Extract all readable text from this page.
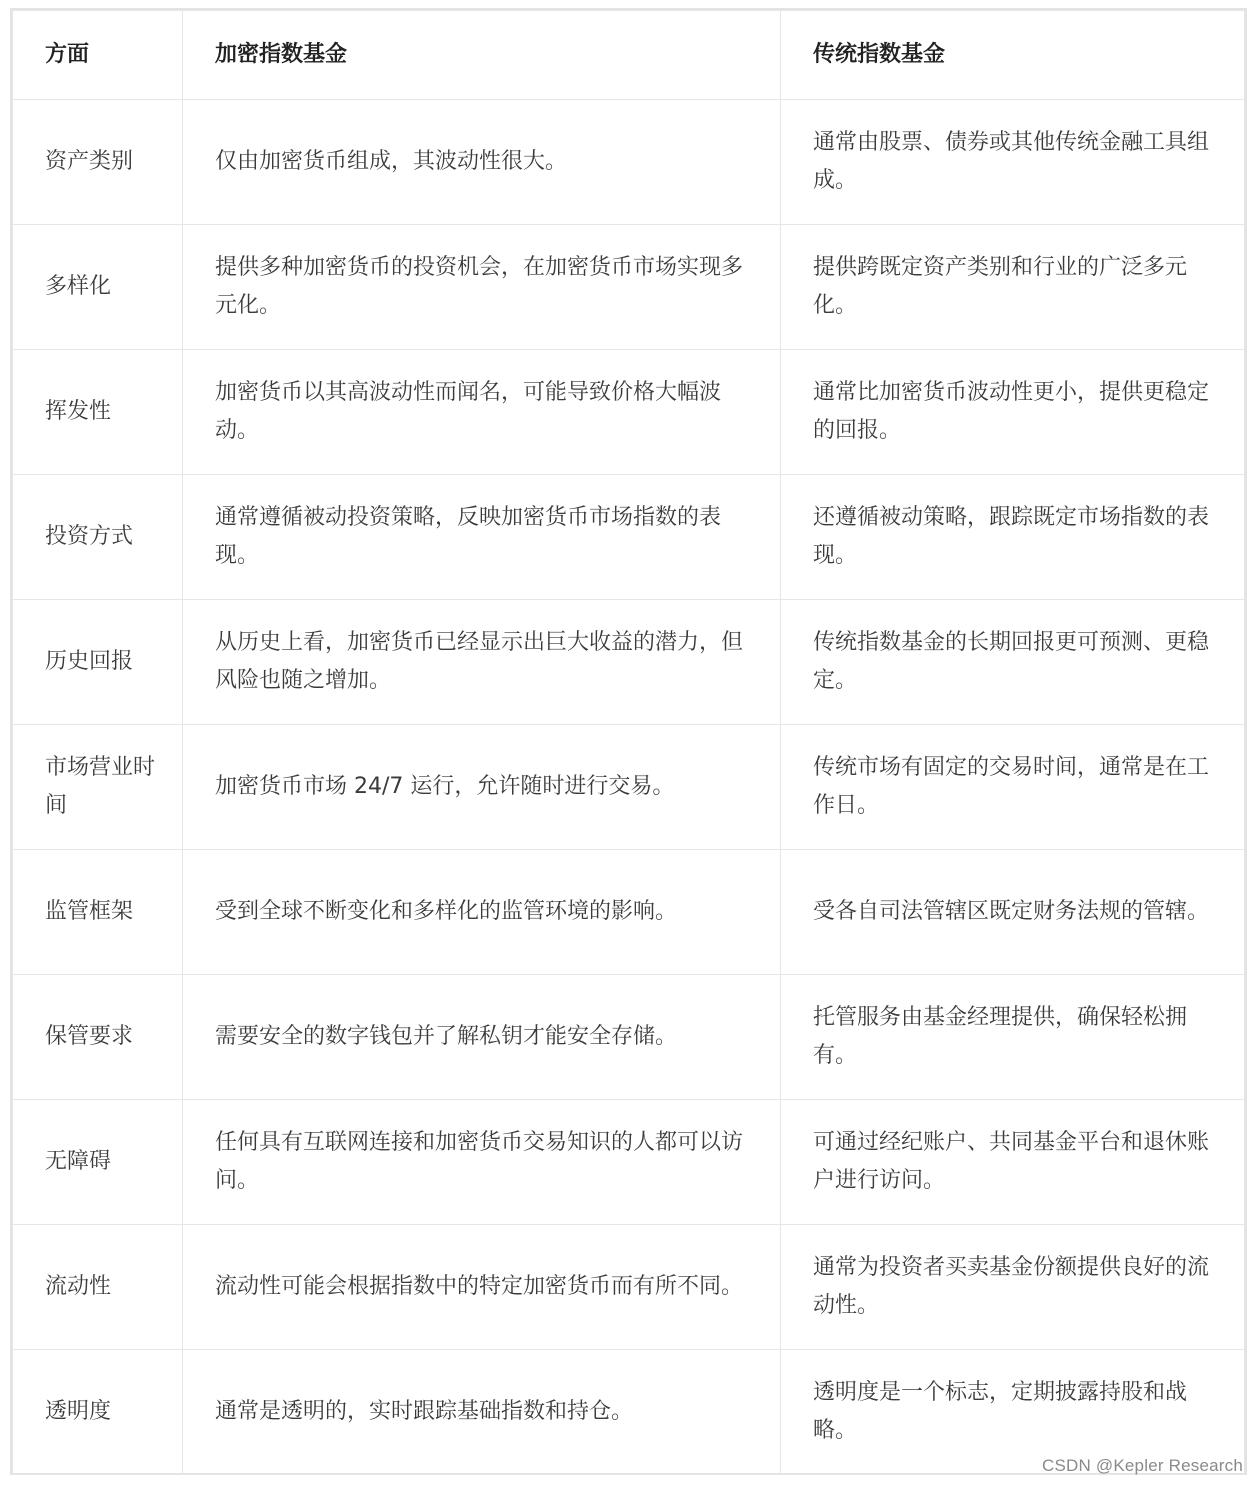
方面	加密指数基金	传统指数基金
资产类别	仅由加密货币组成，其波动性很大。	通常由股票、债券或其他传统金融工具组成。
多样化	提供多种加密货币的投资机会，在加密货币市场实现多元化。	提供跨既定资产类别和行业的广泛多元化。
挥发性	加密货币以其高波动性而闻名，可能导致价格大幅波动。	通常比加密货币波动性更小，提供更稳定的回报。
投资方式	通常遵循被动投资策略，反映加密货币市场指数的表现。	还遵循被动策略，跟踪既定市场指数的表现。
历史回报	从历史上看，加密货币已经显示出巨大收益的潜力，但风险也随之增加。	传统指数基金的长期回报更可预测、更稳定。
市场营业时间	加密货币市场 24/7 运行，允许随时进行交易。	传统市场有固定的交易时间，通常是在工作日。
监管框架	受到全球不断变化和多样化的监管环境的影响。	受各自司法管辖区既定财务法规的管辖。
保管要求	需要安全的数字钱包并了解私钥才能安全存储。	托管服务由基金经理提供，确保轻松拥有。
无障碍	任何具有互联网连接和加密货币交易知识的人都可以访问。	可通过经纪账户、共同基金平台和退休账户进行访问。
流动性	流动性可能会根据指数中的特定加密货币而有所不同。	通常为投资者买卖基金份额提供良好的流动性。
透明度	通常是透明的，实时跟踪基础指数和持仓。	透明度是一个标志，定期披露持股和战略。
CSDN @Kepler Research
